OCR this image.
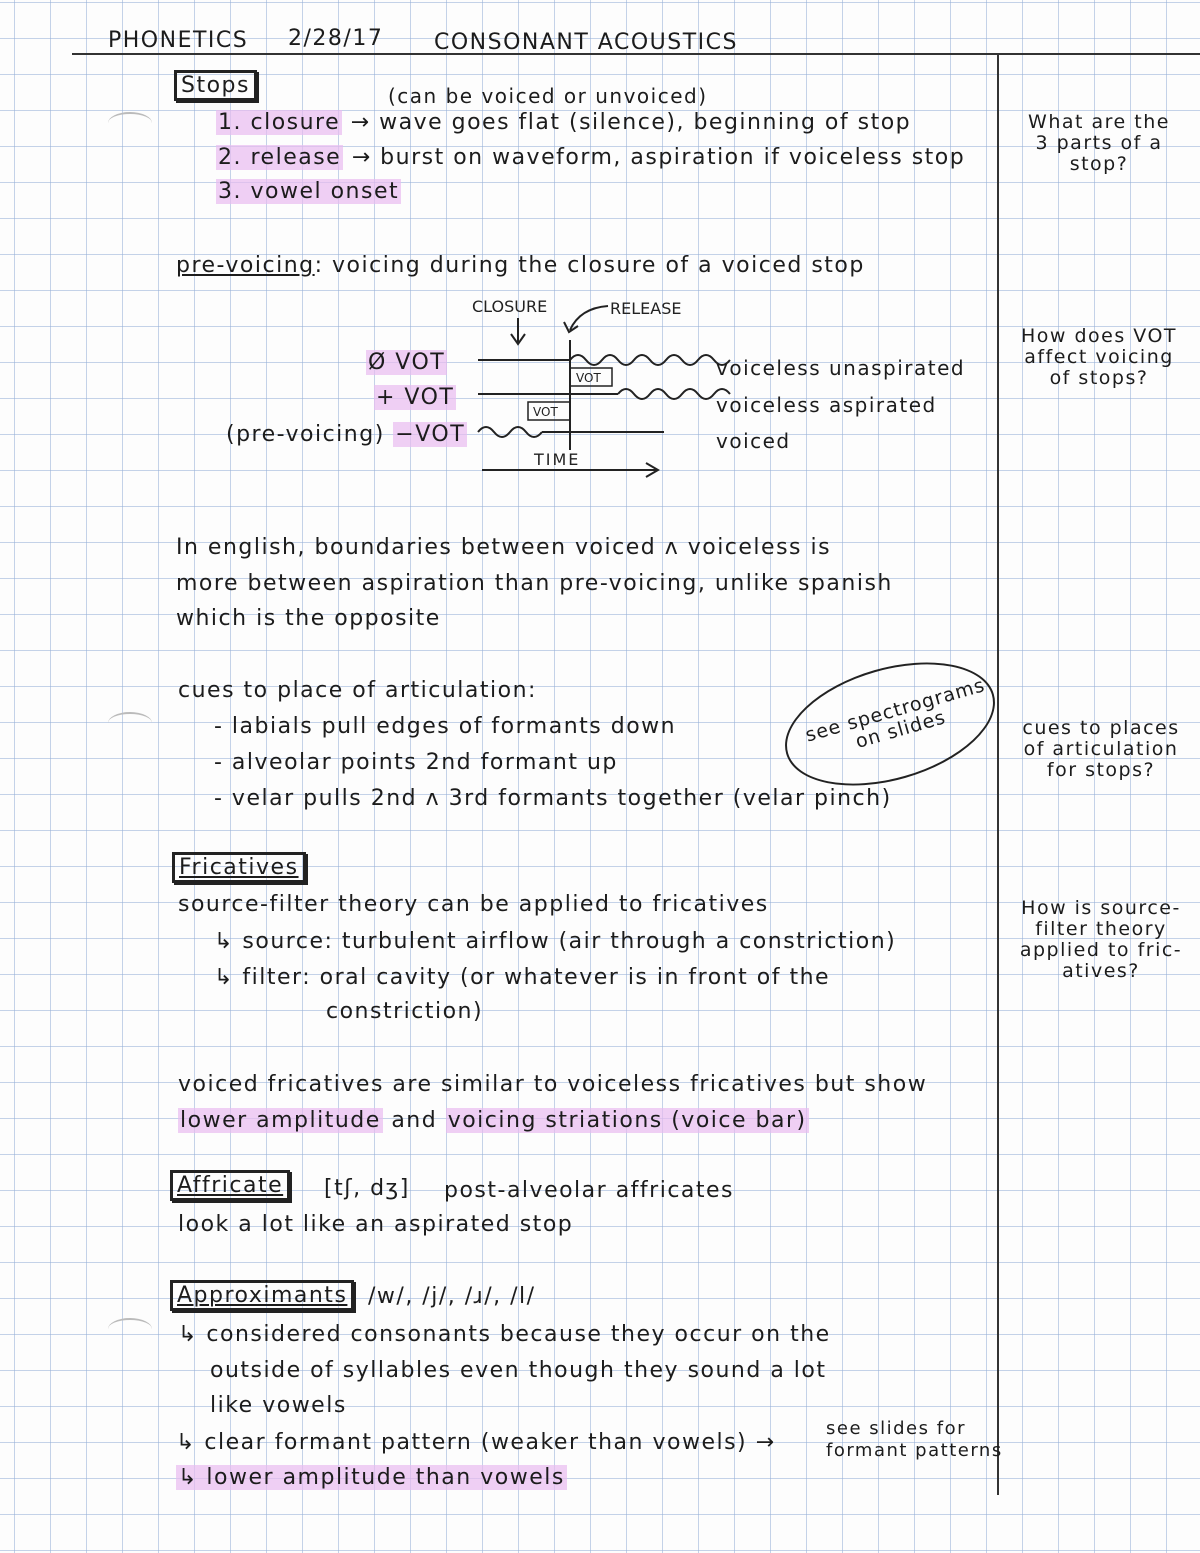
PHONETICS 2/28/17 CONSONANT ACOUSTICS
Stops	(can be voiced or unvoiced)
1. closure → wave goes flat (silence), beginning of stop
2. release → burst on waveform, aspiration if voiceless stop
3. vowel onset
pre-voicing: voicing during the closure of a voiced stop
CLOSURE	RELEASE
VOT
VOT
TIME
Ø VOT
+ VOT
(pre-voicing) −VOT
voiceless unaspirated
voiceless aspirated
voiced
In english, boundaries between voiced ʌ voiceless is
more between aspiration than pre-voicing, unlike spanish
which is the opposite
cues to place of articulation:
- labials pull edges of formants down
- alveolar points 2nd formant up
- velar pulls 2nd ʌ 3rd formants together (velar pinch)
see spectrograms on slides
Fricatives
source-filter theory can be applied to fricatives
↳ source: turbulent airflow (air through a constriction)
↳ filter: oral cavity (or whatever is in front of the
constriction)
voiced fricatives are similar to voiceless fricatives but show
lower amplitude and voicing striations (voice bar)
Affricate	[tʃ, dʒ] post-alveolar affricates
look a lot like an aspirated stop
Approximants /w/, /j/, /ɹ/, /l/
↳ considered consonants because they occur on the
outside of syllables even though they sound a lot
like vowels
↳ clear formant pattern (weaker than vowels) →
see slides for
formant patterns
↳ lower amplitude than vowels
What are the
3 parts of a
stop?
How does VOT
affect voicing
of stops?
cues to places
of articulation
for stops?
How is source-
filter theory
applied to fric-
atives?
